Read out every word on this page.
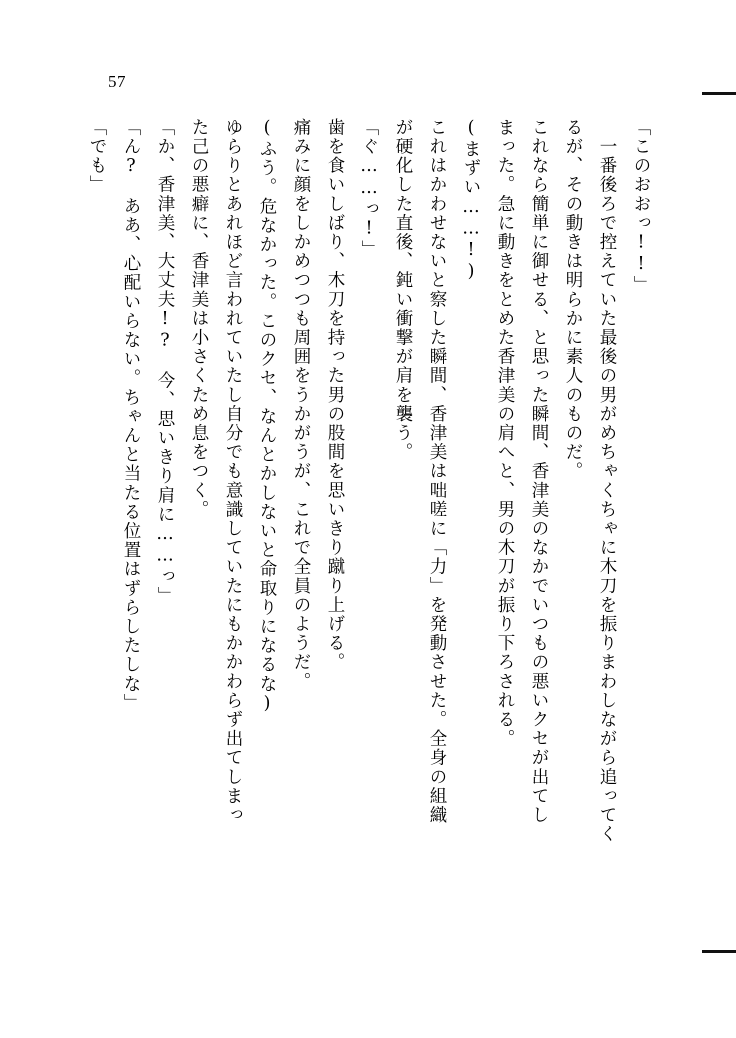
57
「このおおっ!!」
　一番後ろで控えていた最後の男がめちゃくちゃに木刀を振りまわしながら追ってく
るが、その動きは明らかに素人のものだ。
これなら簡単に御せる、と思った瞬間、香津美のなかでいつもの悪いクセが出てし
まった。急に動きをとめた香津美の肩へと、男の木刀が振り下ろされる。
(まずい……!)
これはかわせないと察した瞬間、香津美は咄嗟に「力」を発動させた。全身の組織
が硬化した直後、鈍い衝撃が肩を襲う。
「ぐ……っ!」
歯を食いしばり、木刀を持った男の股間を思いきり蹴り上げる。
痛みに顔をしかめつつも周囲をうかがうが、これで全員のようだ。
(ふう。危なかった。このクセ、なんとかしないと命取りになるな)
ゆらりとあれほど言われていたし自分でも意識していたにもかかわらず出てしまっ
た己の悪癖に、香津美は小さくため息をつく。
「か、香津美、大丈夫!?　今、思いきり肩に……っ」
「ん?　ああ、心配いらない。ちゃんと当たる位置はずらしたしな」
「でも」
